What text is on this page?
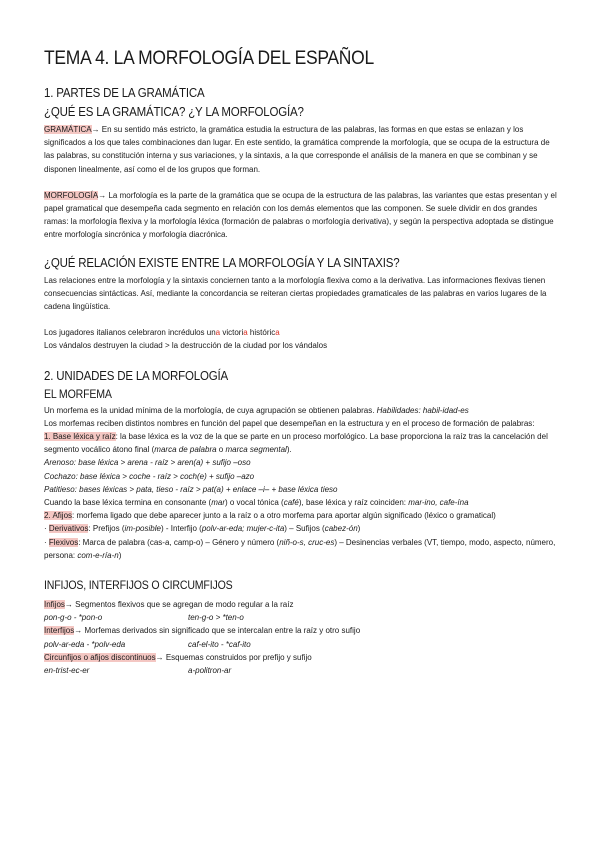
TEMA 4. LA MORFOLOGÍA DEL ESPAÑOL
1. PARTES DE LA GRAMÁTICA
¿QUÉ ES LA GRAMÁTICA? ¿Y LA MORFOLOGÍA?

GRAMÁTICA→ En su sentido más estricto, la gramática estudia la estructura de las palabras, las formas en que estas se enlazan y los significados a los que tales combinaciones dan lugar. En este sentido, la gramática comprende la morfología, que se ocupa de la estructura de las palabras, su constitución interna y sus variaciones, y la sintaxis, a la que corresponde el análisis de la manera en que se combinan y se disponen linealmente, así como el de los grupos que forman.

MORFOLOGÍA→ La morfología es la parte de la gramática que se ocupa de la estructura de las palabras, las variantes que estas presentan y el papel gramatical que desempeña cada segmento en relación con los demás elementos que las componen. Se suele dividir en dos grandes ramas: la morfología flexiva y la morfología léxica (formación de palabras o morfología derivativa), y según la perspectiva adoptada se distingue entre morfología sincrónica y morfología diacrónica.

¿QUÉ RELACIÓN EXISTE ENTRE LA MORFOLOGÍA Y LA SINTAXIS?

Las relaciones entre la morfología y la sintaxis conciernen tanto a la morfología flexiva como a la derivativa. Las informaciones flexivas tienen consecuencias sintácticas. Así, mediante la concordancia se reiteran ciertas propiedades gramaticales de las palabras en varios lugares de la cadena lingüística.

Los jugadores italianos celebraron incrédulos una victoria histórica

Los vándalos destruyen la ciudad > la destrucción de la ciudad por los vándalos

2. UNIDADES DE LA MORFOLOGÍA
EL MORFEMA

Un morfema es la unidad mínima de la morfología, de cuya agrupación se obtienen palabras. Habilidades: habil-idad-es

Los morfemas reciben distintos nombres en función del papel que desempeñan en la estructura y en el proceso de formación de palabras:

1. Base léxica y raíz: la base léxica es la voz de la que se parte en un proceso morfológico. La base proporciona la raíz tras la cancelación del segmento vocálico átono final (marca de palabra o marca segmental).

Arenoso: base léxica > arena - raíz > aren(a) + sufijo –oso

Cochazo: base léxica > coche - raíz > coch(e) + sufijo –azo

Patitieso: bases léxicas > pata, tieso - raíz > pat(a) + enlace –i– + base léxica tieso

Cuando la base léxica termina en consonante (mar) o vocal tónica (café), base léxica y raíz coinciden: mar-ino, cafe-ína

2. Afijos: morfema ligado que debe aparecer junto a la raíz o a otro morfema para aportar algún significado (léxico o gramatical)

· Derivativos: Prefijos (im-posible) - Interfijo (polv-ar-eda; mujer-c-ita) – Sufijos (cabez-ón)

· Flexivos: Marca de palabra (cas-a, camp-o) – Género y número (niñ-o-s, cruc-es) – Desinencias verbales (VT, tiempo, modo, aspecto, número, persona: com-e-ría-n)

INFIJOS, INTERFIJOS O CIRCUMFIJOS

Infijos→ Segmentos flexivos que se agregan de modo regular a la raíz

pon-g-o - *pon-o	ten-g-o > *ten-o

Interfijos→ Morfemas derivados sin significado que se intercalan entre la raíz y otro sufijo

polv-ar-eda - *polv-eda	caf-el-ito - *caf-ito

Circunfijos o afijos discontinuos→ Esquemas construidos por prefijo y sufijo

en-trist-ec-er	a-politron-ar
